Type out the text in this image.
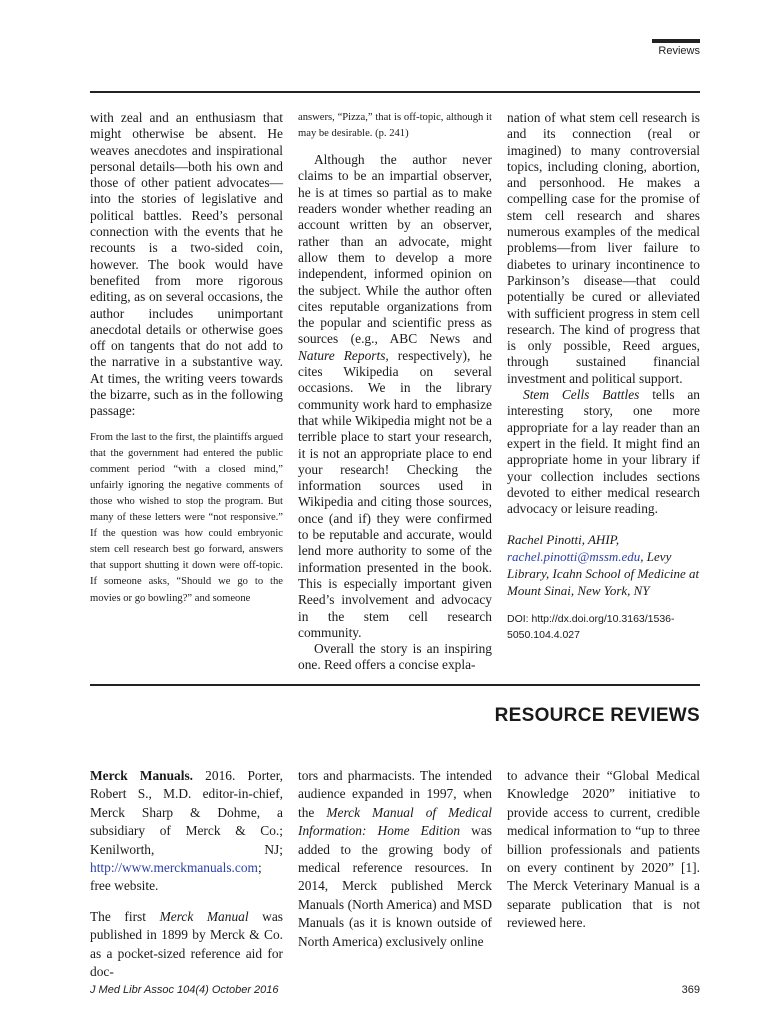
Reviews

with zeal and an enthusiasm that might otherwise be absent. He weaves anecdotes and inspirational personal details—both his own and those of other patient advocates—into the stories of legislative and political battles. Reed’s personal connection with the events that he recounts is a two-sided coin, however. The book would have benefited from more rigorous editing, as on several occasions, the author includes unimportant anecdotal details or otherwise goes off on tangents that do not add to the narrative in a substantive way. At times, the writing veers towards the bizarre, such as in the following passage:

From the last to the first, the plaintiffs argued that the government had entered the public comment period “with a closed mind,” unfairly ignoring the negative comments of those who wished to stop the program. But many of these letters were “not responsive.” If the question was how could embryonic stem cell research best go forward, answers that support shutting it down were off-topic. If someone asks, “Should we go to the movies or go bowling?” and someone

answers, “Pizza,” that is off-topic, although it may be desirable. (p. 241)

Although the author never claims to be an impartial observer, he is at times so partial as to make readers wonder whether reading an account written by an observer, rather than an advocate, might allow them to develop a more independent, informed opinion on the subject. While the author often cites reputable organizations from the popular and scientific press as sources (e.g., ABC News and Nature Reports, respectively), he cites Wikipedia on several occasions. We in the library community work hard to emphasize that while Wikipedia might not be a terrible place to start your research, it is not an appropriate place to end your research! Checking the information sources used in Wikipedia and citing those sources, once (and if) they were confirmed to be reputable and accurate, would lend more authority to some of the information presented in the book. This is especially important given Reed’s involvement and advocacy in the stem cell research community.

Overall the story is an inspiring one. Reed offers a concise expla-

nation of what stem cell research is and its connection (real or imagined) to many controversial topics, including cloning, abortion, and personhood. He makes a compelling case for the promise of stem cell research and shares numerous examples of the medical problems—from liver failure to diabetes to urinary incontinence to Parkinson’s disease—that could potentially be cured or alleviated with sufficient progress in stem cell research. The kind of progress that is only possible, Reed argues, through sustained financial investment and political support.

Stem Cells Battles tells an interesting story, one more appropriate for a lay reader than an expert in the field. It might find an appropriate home in your library if your collection includes sections devoted to either medical research advocacy or leisure reading.

Rachel Pinotti, AHIP, rachel.pinotti@mssm.edu, Levy Library, Icahn School of Medicine at Mount Sinai, New York, NY

DOI: http://dx.doi.org/10.3163/1536-5050.104.4.027

RESOURCE REVIEWS

Merck Manuals. 2016. Porter, Robert S., M.D. editor-in-chief, Merck Sharp & Dohme, a subsidiary of Merck & Co.; Kenilworth, NJ; http://www.merckmanuals.com; free website.

The first Merck Manual was published in 1899 by Merck & Co. as a pocket-sized reference aid for doc-

tors and pharmacists. The intended audience expanded in 1997, when the Merck Manual of Medical Information: Home Edition was added to the growing body of medical reference resources. In 2014, Merck published Merck Manuals (North America) and MSD Manuals (as it is known outside of North America) exclusively online

to advance their “Global Medical Knowledge 2020” initiative to provide access to current, credible medical information to “up to three billion professionals and patients on every continent by 2020” [1]. The Merck Veterinary Manual is a separate publication that is not reviewed here.

J Med Libr Assoc 104(4) October 2016	369
